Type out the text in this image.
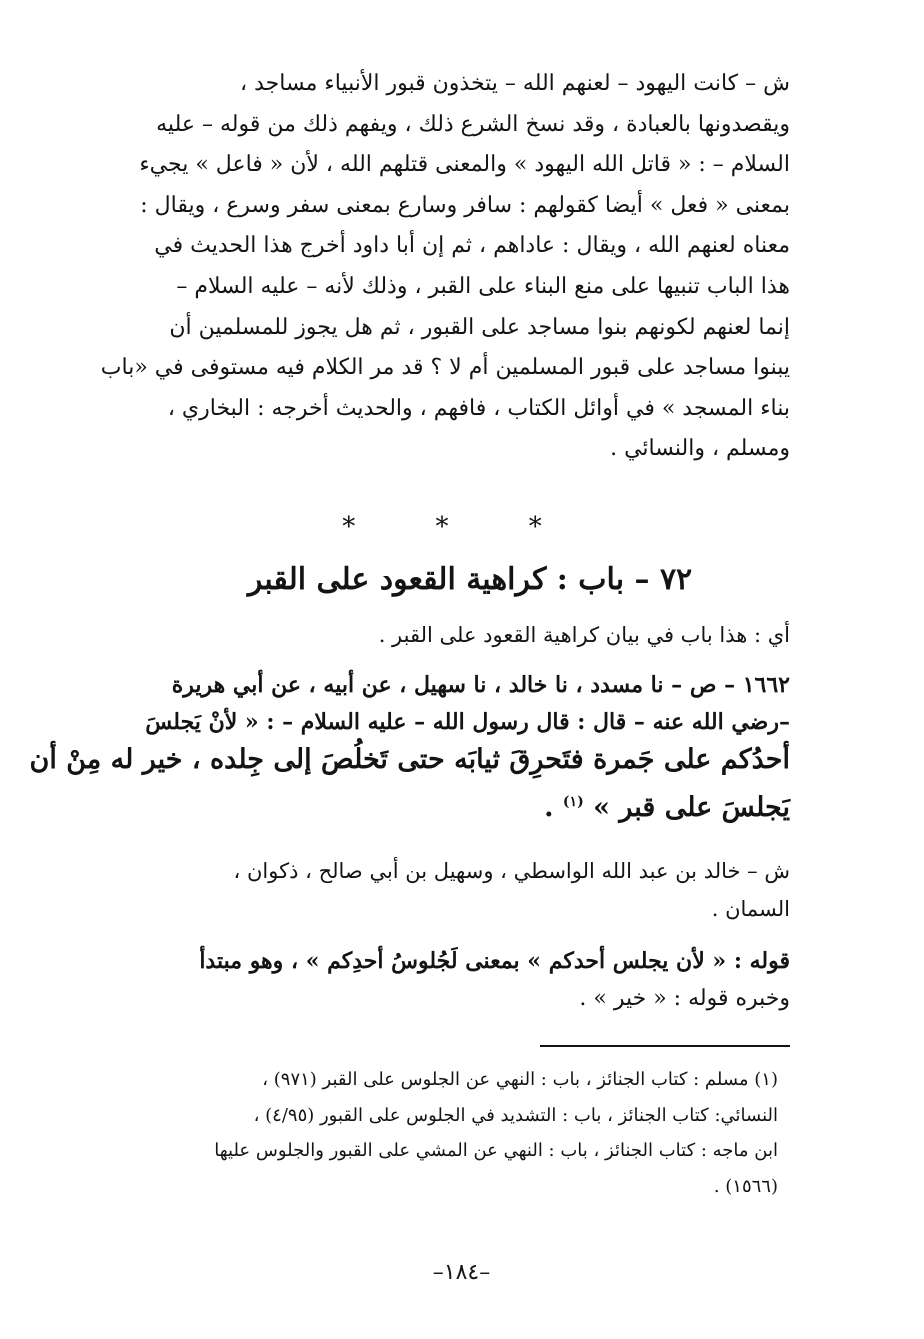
ش – كانت اليهود – لعنهم الله – يتخذون قبور الأنبياء مساجد ،
ويقصدونها بالعبادة ، وقد نسخ الشرع ذلك ، ويفهم ذلك من قوله – عليه
السلام – : « قاتل الله اليهود » والمعنى قتلهم الله ، لأن « فاعل » يجيء
بمعنى « فعل » أيضا كقولهم : سافر وسارع بمعنى سفر وسرع ، ويقال :
معناه لعنهم الله ، ويقال : عاداهم ، ثم إن أبا داود أخرج هذا الحديث في
هذا الباب تنبيها على منع البناء على القبر ، وذلك لأنه – عليه السلام –
إنما لعنهم لكونهم بنوا مساجد على القبور ، ثم هل يجوز للمسلمين أن
يبنوا مساجد على قبور المسلمين أم لا ؟ قد مر الكلام فيه مستوفى في «باب
بناء المسجد » في أوائل الكتاب ، فافهم ، والحديث أخرجه : البخاري ،
ومسلم ، والنسائي .
* * *
٧٢ – باب : كراهية القعود على القبر
أي : هذا باب في بيان كراهية القعود على القبر .
١٦٦٢ – ص – نا مسدد ، نا خالد ، نا سهيل ، عن أبيه ، عن أبي هريرة
–رضي الله عنه – قال : قال رسول الله – عليه السلام – : « لأنْ يَجلسَ
أحدُكم على جَمرة فتَحرِقَ ثيابَه حتى تَخلُصَ إلى جِلده ، خير له مِنْ أن
يَجلسَ على قبر » $^{(١)}$ .
ش – خالد بن عبد الله الواسطي ، وسهيل بن أبي صالح ، ذكوان ،
السمان .
قوله : « لأن يجلس أحدكم » بمعنى لَجُلوسُ أحدِكم » ، وهو مبتدأ
وخبره قوله : « خير » .
(١) مسلم : كتاب الجنائز ، باب : النهي عن الجلوس على القبر (٩٧١) ،
النسائي: كتاب الجنائز ، باب : التشديد في الجلوس على القبور (٤/٩٥) ،
ابن ماجه : كتاب الجنائز ، باب : النهي عن المشي على القبور والجلوس عليها
(١٥٦٦) .
–١٨٤–
